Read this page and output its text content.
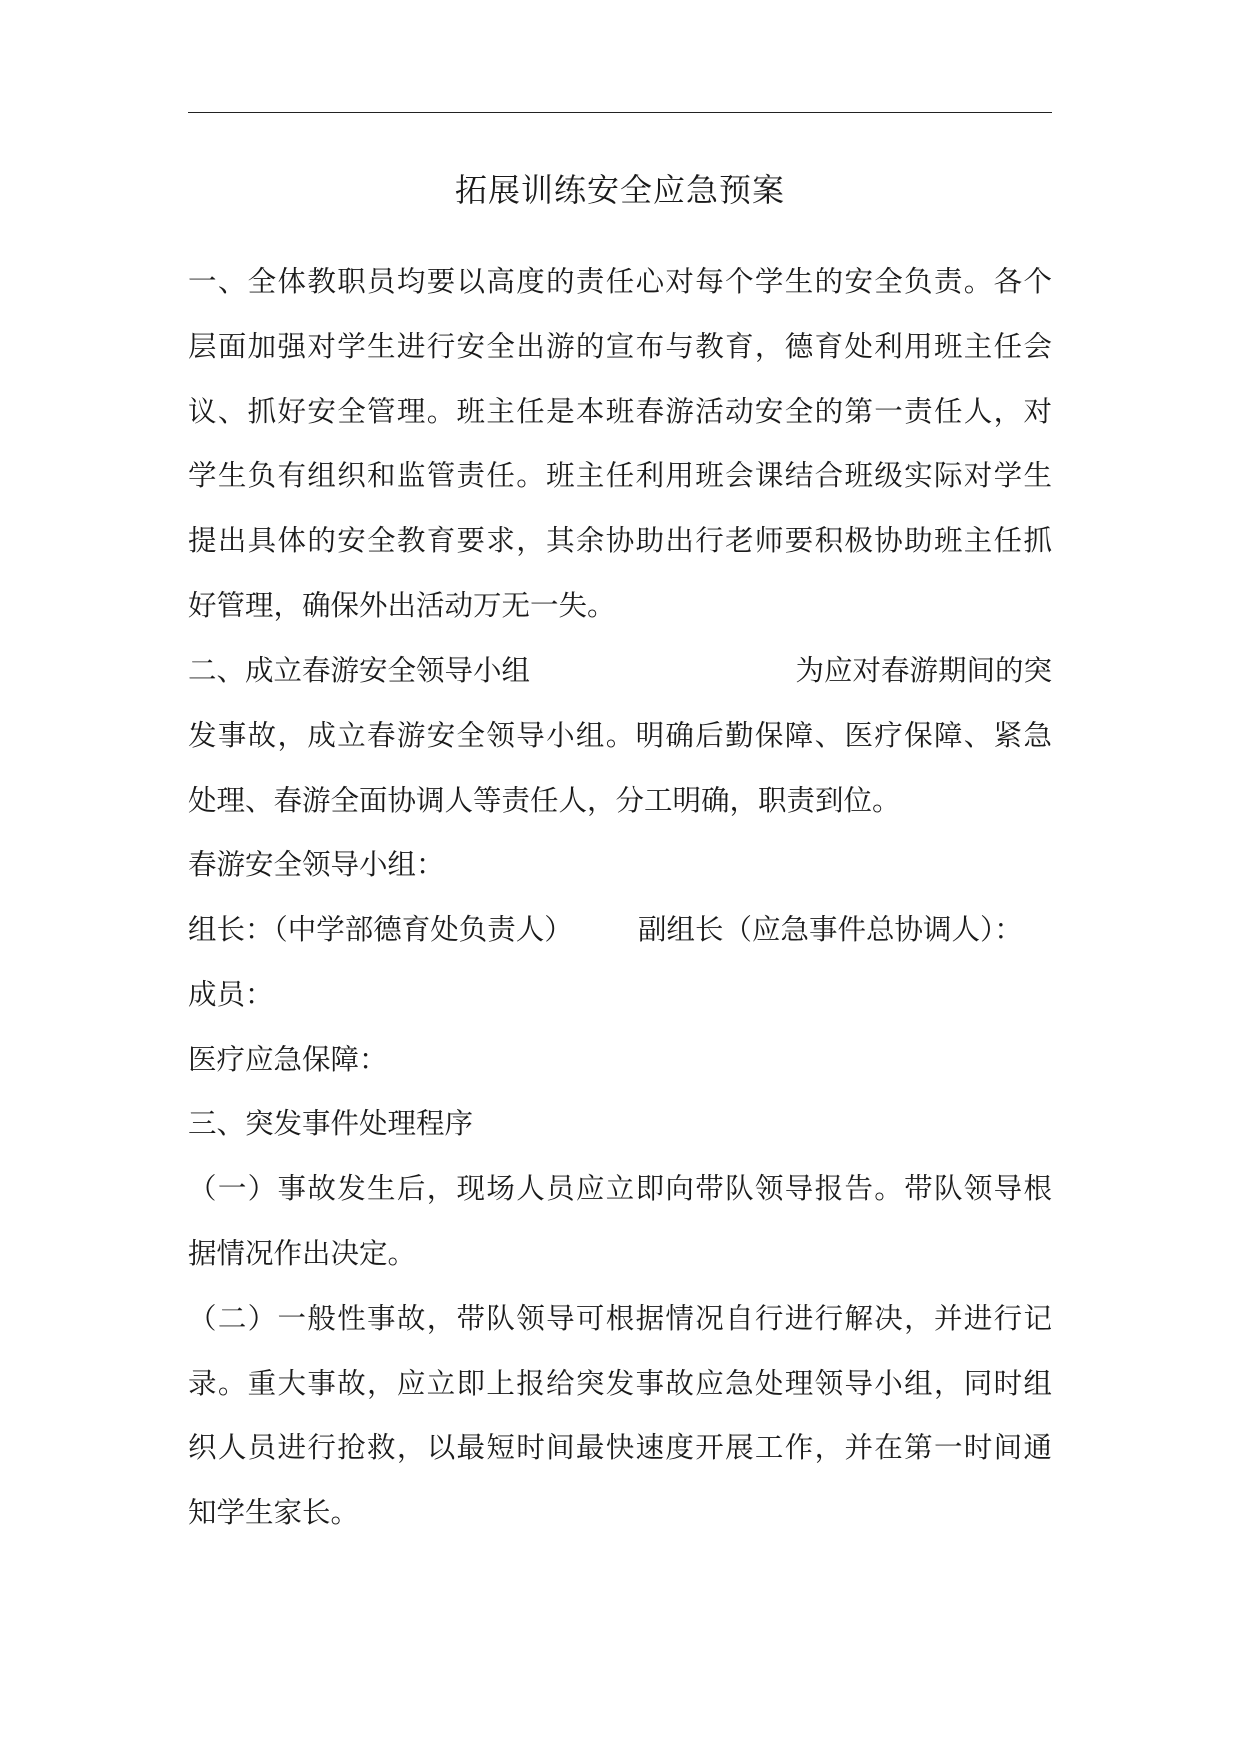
拓展训练安全应急预案
一、全体教职员均要以高度的责任心对每个学生的安全负责。各个
层面加强对学生进行安全出游的宣布与教育，德育处利用班主任会
议、抓好安全管理。班主任是本班春游活动安全的第一责任人，对
学生负有组织和监管责任。班主任利用班会课结合班级实际对学生
提出具体的安全教育要求，其余协助出行老师要积极协助班主任抓
好管理，确保外出活动万无一失。
二、成立春游安全领导小组	为应对春游期间的突
发事故，成立春游安全领导小组。明确后勤保障、医疗保障、紧急
处理、春游全面协调人等责任人，分工明确，职责到位。
春游安全领导小组：
组长：（中学部德育处负责人） 副组长（应急事件总协调人）：
成员：
医疗应急保障：
三、突发事件处理程序
（一）事故发生后，现场人员应立即向带队领导报告。带队领导根
据情况作出决定。
（二）一般性事故，带队领导可根据情况自行进行解决，并进行记
录。重大事故，应立即上报给突发事故应急处理领导小组，同时组
织人员进行抢救，以最短时间最快速度开展工作，并在第一时间通
知学生家长。
